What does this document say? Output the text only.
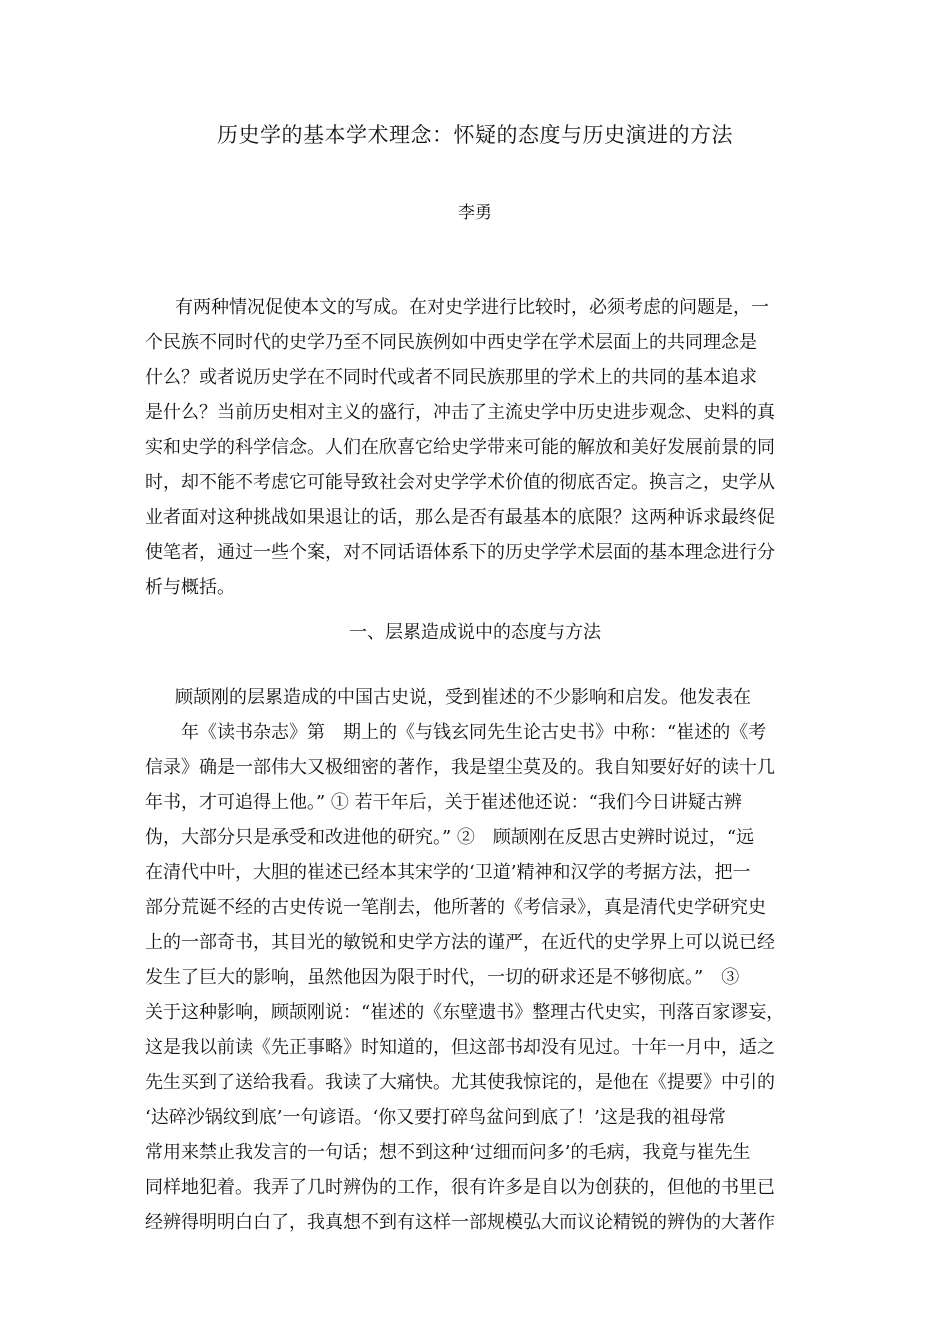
历史学的基本学术理念：怀疑的态度与历史演进的方法
李勇
有两种情况促使本文的写成。在对史学进行比较时，必须考虑的问题是，一
个民族不同时代的史学乃至不同民族例如中西史学在学术层面上的共同理念是
什么？或者说历史学在不同时代或者不同民族那里的学术上的共同的基本追求
是什么？当前历史相对主义的盛行，冲击了主流史学中历史进步观念、史料的真
实和史学的科学信念。人们在欣喜它给史学带来可能的解放和美好发展前景的同
时，却不能不考虑它可能导致社会对史学学术价值的彻底否定。换言之，史学从
业者面对这种挑战如果退让的话，那么是否有最基本的底限？这两种诉求最终促
使笔者，通过一些个案，对不同话语体系下的历史学学术层面的基本理念进行分
析与概括。
一、层累造成说中的态度与方法
顾颉刚的层累造成的中国古史说，受到崔述的不少影响和启发。他发表在
　　年《读书杂志》第　期上的《与钱玄同先生论古史书》中称：“崔述的《考
信录》确是一部伟大又极细密的著作，我是望尘莫及的。我自知要好好的读十几
年书，才可追得上他。” ① 若干年后，关于崔述他还说：“我们今日讲疑古辨
伪，大部分只是承受和改进他的研究。” ②　顾颉刚在反思古史辨时说过，“远
在清代中叶，大胆的崔述已经本其宋学的‘卫道’精神和汉学的考据方法，把一
部分荒诞不经的古史传说一笔削去，他所著的《考信录》，真是清代史学研究史
上的一部奇书，其目光的敏锐和史学方法的谨严，在近代的史学界上可以说已经
发生了巨大的影响，虽然他因为限于时代，一切的研求还是不够彻底。”　③
关于这种影响，顾颉刚说：“崔述的《东壁遗书》整理古代史实，刊落百家谬妄，
这是我以前读《先正事略》时知道的，但这部书却没有见过。十年一月中，适之
先生买到了送给我看。我读了大痛快。尤其使我惊诧的，是他在《提要》中引的
‘达碎沙锅纹到底’一句谚语。‘你又要打碎鸟盆问到底了！’这是我的祖母常
常用来禁止我发言的一句话；想不到这种‘过细而问多’的毛病，我竟与崔先生
同样地犯着。我弄了几时辨伪的工作，很有许多是自以为创获的，但他的书里已
经辨得明明白白了，我真想不到有这样一部规模弘大而议论精锐的辨伪的大著作
